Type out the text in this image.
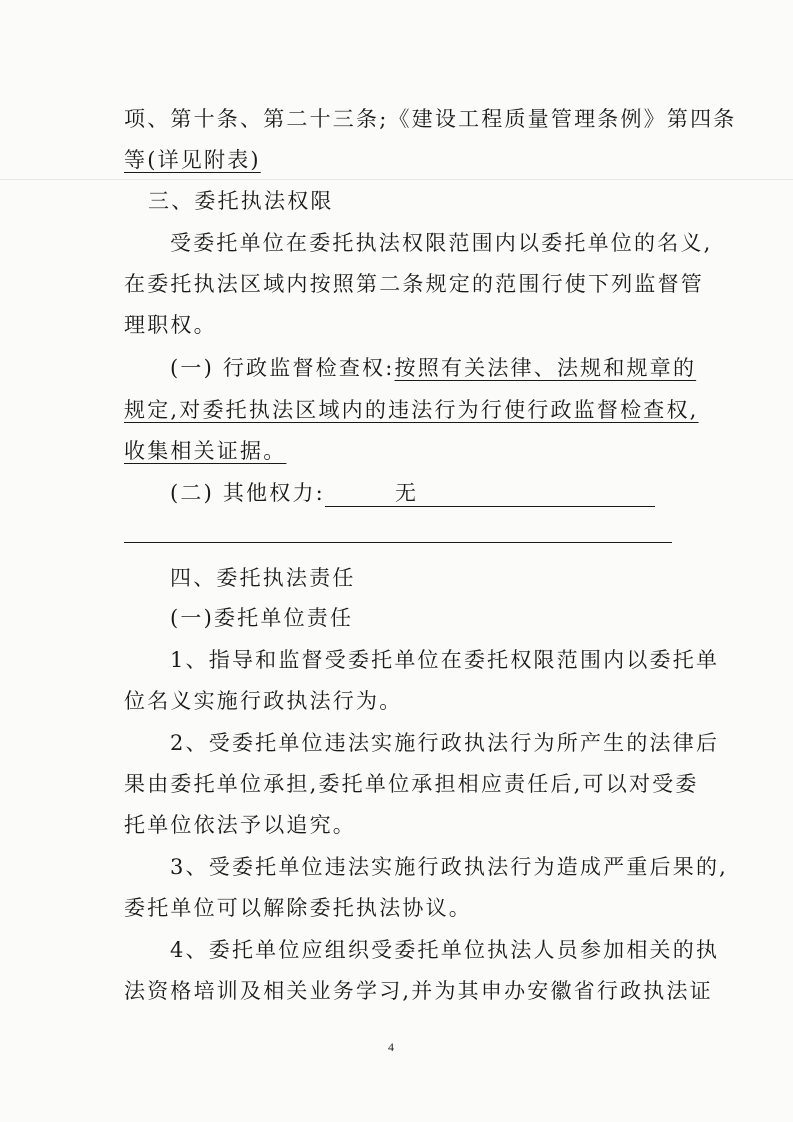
项、第十条、第二十三条;《建设工程质量管理条例》第四条
等(详见附表)
三、委托执法权限
受委托单位在委托执法权限范围内以委托单位的名义,
在委托执法区域内按照第二条规定的范围行使下列监督管
理职权。
(一) 行政监督检查权:按照有关法律、法规和规章的
规定,对委托执法区域内的违法行为行使行政监督检查权,
收集相关证据。
(二) 其他权力:	无
四、委托执法责任
(一)委托单位责任
1、指导和监督受委托单位在委托权限范围内以委托单
位名义实施行政执法行为。
2、受委托单位违法实施行政执法行为所产生的法律后
果由委托单位承担,委托单位承担相应责任后,可以对受委
托单位依法予以追究。
3、受委托单位违法实施行政执法行为造成严重后果的,
委托单位可以解除委托执法协议。
4、委托单位应组织受委托单位执法人员参加相关的执
法资格培训及相关业务学习,并为其申办安徽省行政执法证
4
